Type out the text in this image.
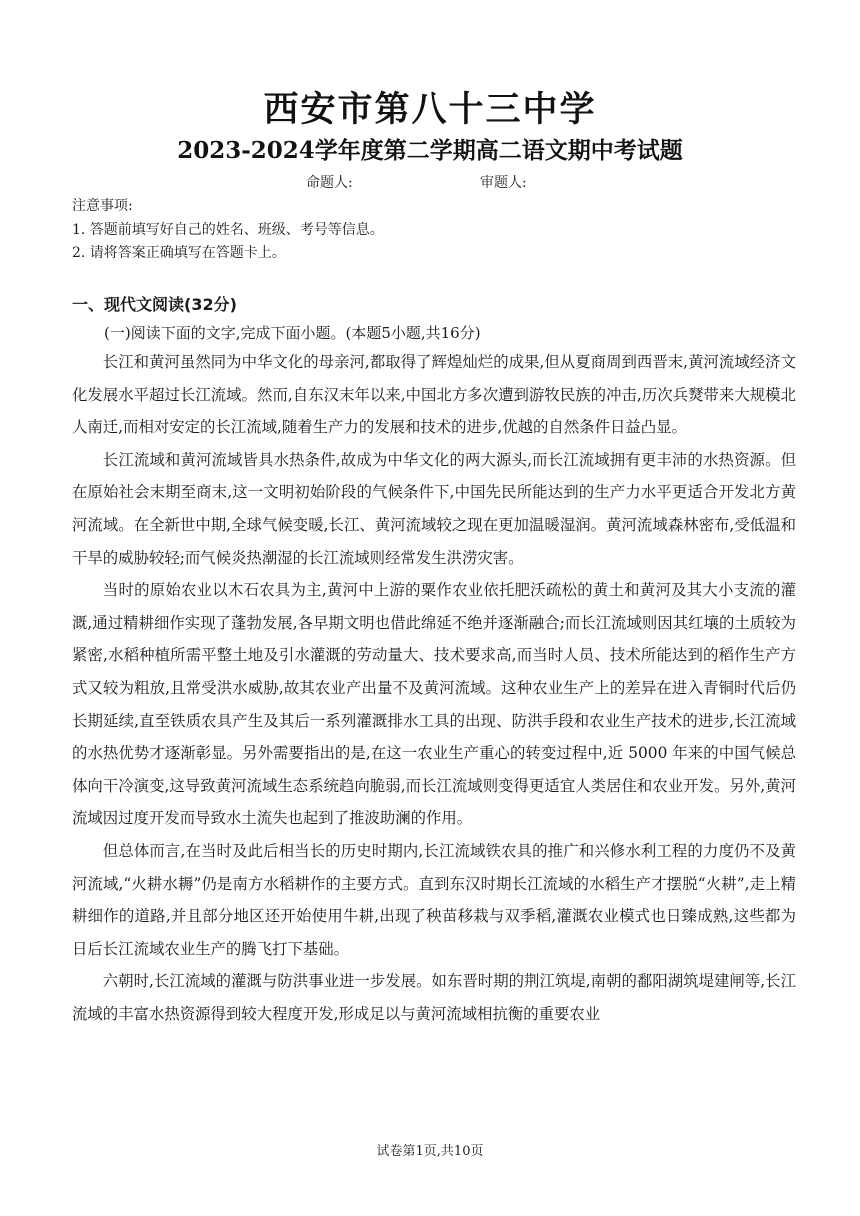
西安市第八十三中学
2023-2024学年度第二学期高二语文期中考试题
命题人:	审题人:
注意事项:
1. 答题前填写好自己的姓名、班级、考号等信息。
2. 请将答案正确填写在答题卡上。
一、现代文阅读(32分)
(一)阅读下面的文字,完成下面小题。(本题5小题,共16分)

长江和黄河虽然同为中华文化的母亲河,都取得了辉煌灿烂的成果,但从夏商周到西晋末,黄河流域经济文化发展水平超过长江流域。然而,自东汉末年以来,中国北方多次遭到游牧民族的冲击,历次兵燹带来大规模北人南迁,而相对安定的长江流域,随着生产力的发展和技术的进步,优越的自然条件日益凸显。

长江流域和黄河流域皆具水热条件,故成为中华文化的两大源头,而长江流域拥有更丰沛的水热资源。但在原始社会末期至商末,这一文明初始阶段的气候条件下,中国先民所能达到的生产力水平更适合开发北方黄河流域。在全新世中期,全球气候变暖,长江、黄河流域较之现在更加温暖湿润。黄河流域森林密布,受低温和干旱的威胁较轻;而气候炎热潮湿的长江流域则经常发生洪涝灾害。

当时的原始农业以木石农具为主,黄河中上游的粟作农业依托肥沃疏松的黄土和黄河及其大小支流的灌溉,通过精耕细作实现了蓬勃发展,各早期文明也借此绵延不绝并逐渐融合;而长江流域则因其红壤的土质较为紧密,水稻种植所需平整土地及引水灌溉的劳动量大、技术要求高,而当时人员、技术所能达到的稻作生产方式又较为粗放,且常受洪水威胁,故其农业产出量不及黄河流域。这种农业生产上的差异在进入青铜时代后仍长期延续,直至铁质农具产生及其后一系列灌溉排水工具的出现、防洪手段和农业生产技术的进步,长江流域的水热优势才逐渐彰显。另外需要指出的是,在这一农业生产重心的转变过程中,近 5000 年来的中国气候总体向干冷演变,这导致黄河流域生态系统趋向脆弱,而长江流域则变得更适宜人类居住和农业开发。另外,黄河流域因过度开发而导致水土流失也起到了推波助澜的作用。

但总体而言,在当时及此后相当长的历史时期内,长江流域铁农具的推广和兴修水利工程的力度仍不及黄河流域,“火耕水耨”仍是南方水稻耕作的主要方式。直到东汉时期长江流域的水稻生产才摆脱“火耕”,走上精耕细作的道路,并且部分地区还开始使用牛耕,出现了秧苗移栽与双季稻,灌溉农业模式也日臻成熟,这些都为日后长江流域农业生产的腾飞打下基础。

六朝时,长江流域的灌溉与防洪事业进一步发展。如东晋时期的荆江筑堤,南朝的鄱阳湖筑堤建闸等,长江流域的丰富水热资源得到较大程度开发,形成足以与黄河流域相抗衡的重要农业

试卷第1页,共10页
